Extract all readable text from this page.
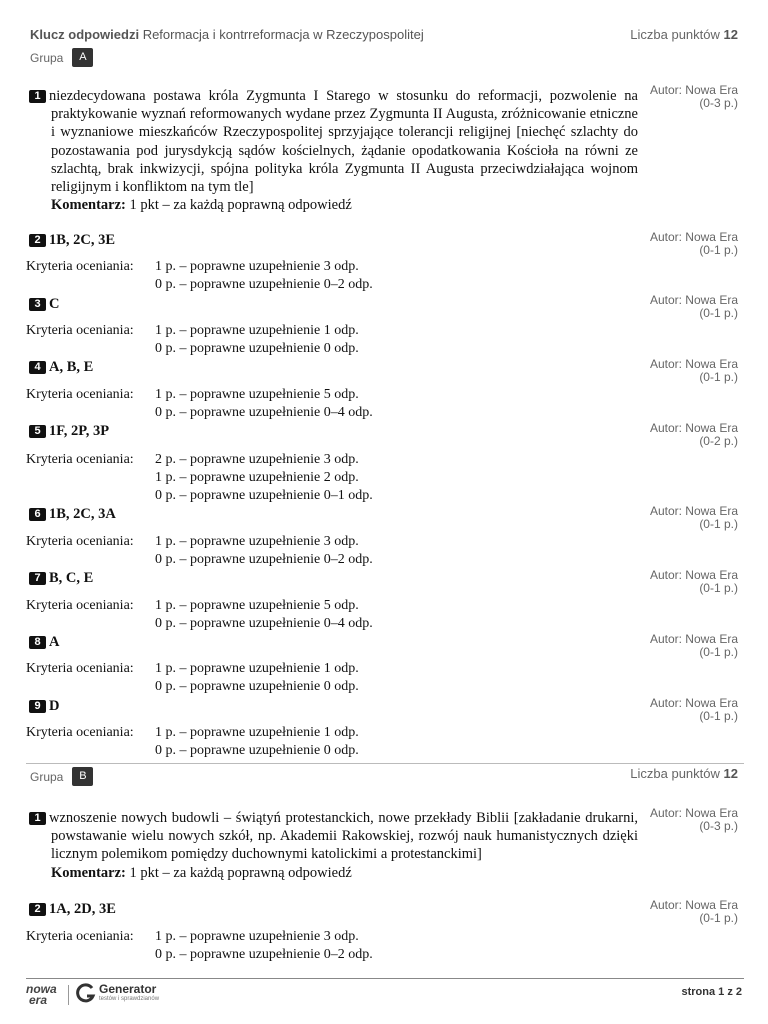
Klucz odpowiedzi Reformacja i kontrreformacja w Rzeczypospolitej	Liczba punktów 12
Grupa	A
1 niezdecydowana postawa króla Zygmunta I Starego w stosunku do reformacji, pozwolenie na praktykowanie wyznań reformowanych wydane przez Zygmunta II Augusta, zróżnicowanie etniczne i wyznaniowe mieszkańców Rzeczypospolitej sprzyjające tolerancji religijnej [niechęć szlachty do pozostawania pod jurysdykcją sądów kościelnych, żądanie opodatkowania Kościoła na równi ze szlachtą, brak inkwizycji, spójna polityka króla Zygmunta II Augusta przeciwdziałająca wojnom religijnym i konfliktom na tym tle]
Komentarz: 1 pkt – za każdą poprawną odpowiedź
Autor: Nowa Era
(0-3 p.)
2 1B, 2C, 3E	Autor: Nowa Era
(0-1 p.)
Kryteria oceniania: 1 p. – poprawne uzupełnienie 3 odp.
0 p. – poprawne uzupełnienie 0–2 odp.
3 C	Autor: Nowa Era
(0-1 p.)
Kryteria oceniania: 1 p. – poprawne uzupełnienie 1 odp.
0 p. – poprawne uzupełnienie 0 odp.
4 A, B, E	Autor: Nowa Era
(0-1 p.)
Kryteria oceniania: 1 p. – poprawne uzupełnienie 5 odp.
0 p. – poprawne uzupełnienie 0–4 odp.
5 1F, 2P, 3P	Autor: Nowa Era
(0-2 p.)
Kryteria oceniania: 2 p. – poprawne uzupełnienie 3 odp.
1 p. – poprawne uzupełnienie 2 odp.
0 p. – poprawne uzupełnienie 0–1 odp.
6 1B, 2C, 3A	Autor: Nowa Era
(0-1 p.)
Kryteria oceniania: 1 p. – poprawne uzupełnienie 3 odp.
0 p. – poprawne uzupełnienie 0–2 odp.
7 B, C, E	Autor: Nowa Era
(0-1 p.)
Kryteria oceniania: 1 p. – poprawne uzupełnienie 5 odp.
0 p. – poprawne uzupełnienie 0–4 odp.
8 A	Autor: Nowa Era
(0-1 p.)
Kryteria oceniania: 1 p. – poprawne uzupełnienie 1 odp.
0 p. – poprawne uzupełnienie 0 odp.
9 D	Autor: Nowa Era
(0-1 p.)
Kryteria oceniania: 1 p. – poprawne uzupełnienie 1 odp.
0 p. – poprawne uzupełnienie 0 odp.
Grupa	B	Liczba punktów 12
1 wznoszenie nowych budowli – świątyń protestanckich, nowe przekłady Biblii [zakładanie drukarni, powstawanie wielu nowych szkół, np. Akademii Rakowskiej, rozwój nauk humanistycznych dzięki licznym polemikom pomiędzy duchownymi katolickimi a protestanckimi]
Komentarz: 1 pkt – za każdą poprawną odpowiedź
Autor: Nowa Era
(0-3 p.)
2 1A, 2D, 3E	Autor: Nowa Era
(0-1 p.)
Kryteria oceniania: 1 p. – poprawne uzupełnienie 3 odp.
0 p. – poprawne uzupełnienie 0–2 odp.
nowa
era
Generator
testów i sprawdzianów
strona 1 z 2
